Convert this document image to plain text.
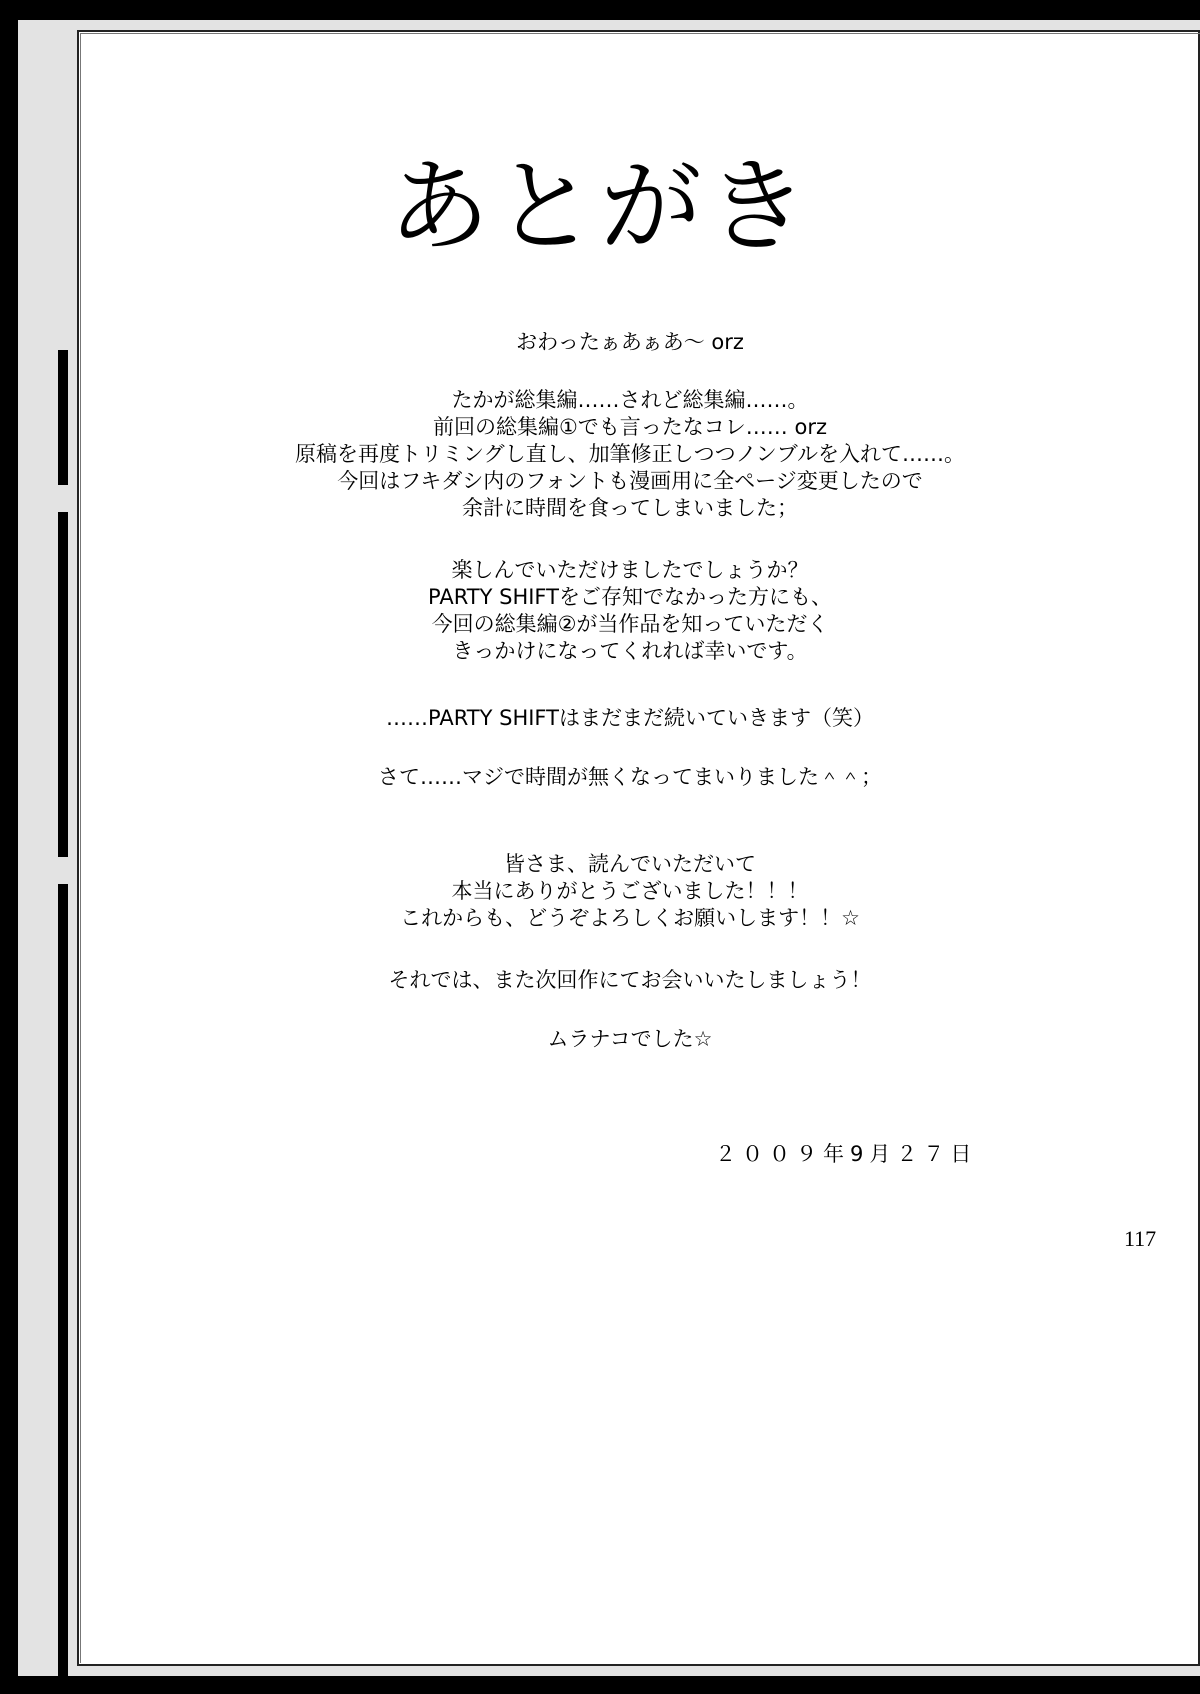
あとがき
おわったぁあぁあ～ orz
たかが総集編……されど総集編……。
前回の総集編①でも言ったなコレ…… orz
原稿を再度トリミングし直し、加筆修正しつつノンブルを入れて……。
今回はフキダシ内のフォントも漫画用に全ページ変更したので
余計に時間を食ってしまいました；
楽しんでいただけましたでしょうか？
PARTY SHIFTをご存知でなかった方にも、
今回の総集編②が当作品を知っていただく
きっかけになってくれれば幸いです。
……PARTY SHIFTはまだまだ続いていきます（笑）
さて……マジで時間が無くなってまいりました＾＾；
皆さま、読んでいただいて
本当にありがとうございました！！！
これからも、どうぞよろしくお願いします！！☆
それでは、また次回作にてお会いいたしましょう！
ムラナコでした☆
２００９年9月２７日
117
